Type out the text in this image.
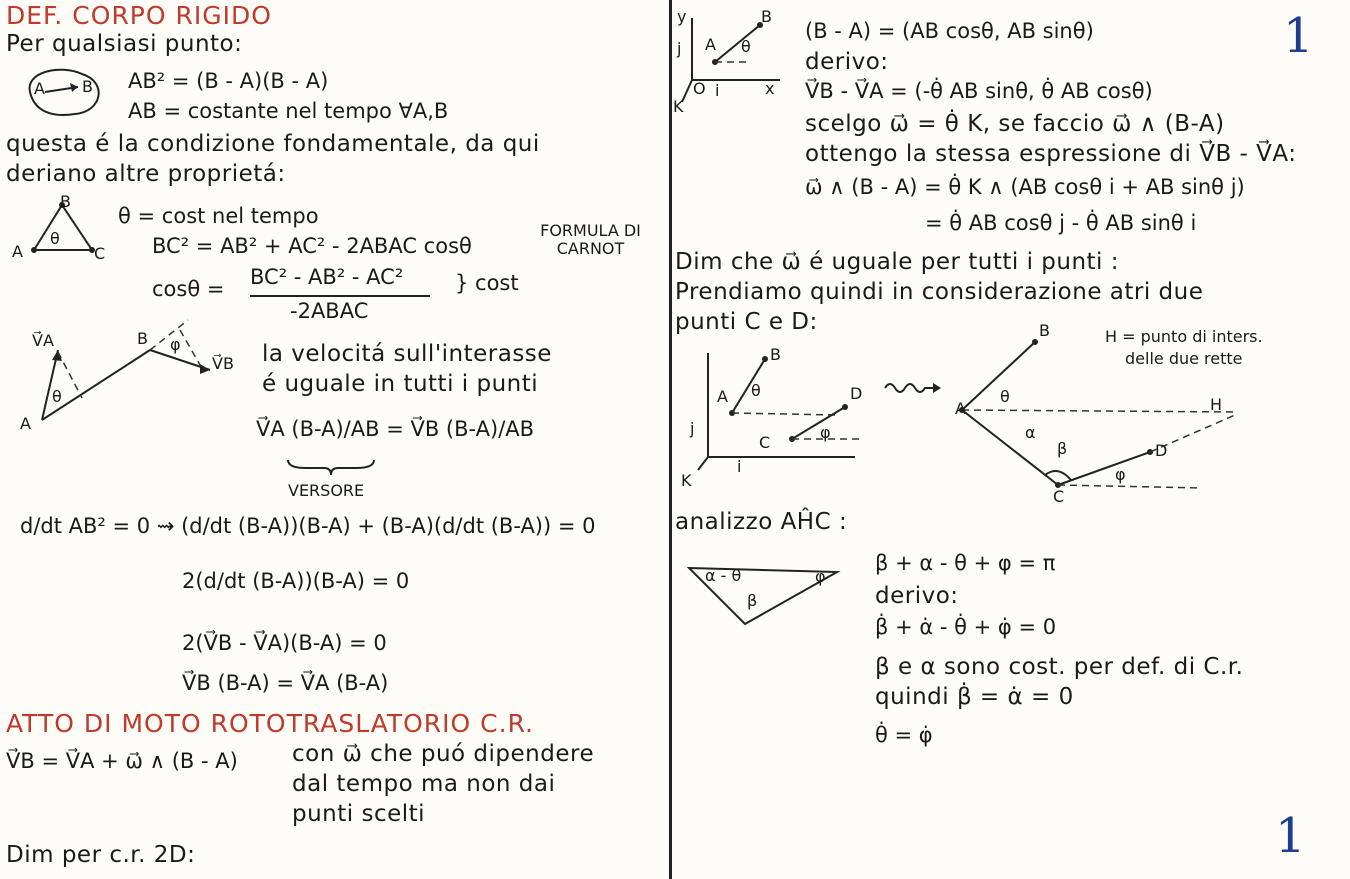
DEF. CORPO RIGIDO
Per qualsiasi punto:
A B AB² = (B - A)(B - A)
AB = costante nel tempo ∀A,B
questa é la condizione fondamentale, da qui
deriano altre proprietá:
B
A	C
θ
θ = cost nel tempo
BC² = AB² + AC² - 2ABAC cosθ
FORMULA DI CARNOT
cosθ = BC² - AB² - AC²
-2ABAC
} cost
V⃗A
V⃗B
A
B
θ
φ	la velocitá sull'interasse
é uguale in tutti i punti
V⃗A (B-A)/AB = V⃗B (B-A)/AB
VERSORE
d/dt AB² = 0 ⇝ (d/dt (B-A))(B-A) + (B-A)(d/dt (B-A)) = 0
2(d/dt (B-A))(B-A) = 0
2(V⃗B - V⃗A)(B-A) = 0
V⃗B (B-A) = V⃗A (B-A)
ATTO DI MOTO ROTOTRASLATORIO C.R.
V⃗B = V⃗A + ω⃗ ∧ (B - A) con ω⃗ che puó dipendere
dal tempo ma non dai
punti scelti
Dim per c.r. 2D:
y
x
j
i
K
O
A
B
θ
(B - A) = (AB cosθ, AB sinθ)
derivo:
V⃗B - V⃗A = (-θ̇ AB sinθ, θ̇ AB cosθ)
scelgo ω⃗ = θ̇ K, se faccio ω⃗ ∧ (B-A)
ottengo la stessa espressione di V⃗B - V⃗A:
ω⃗ ∧ (B - A) = θ̇ K ∧ (AB cosθ i + AB sinθ j)
= θ̇ AB cosθ j - θ̇ AB sinθ i
1
Dim che ω⃗ é uguale per tutti i punti :
Prendiamo quindi in considerazione atri due
punti C e D:
B
A	D
C
θ
φ
j
i
K
B
A	H
C
D
θ
α
β
φ
H = punto di inters.
delle due rette
analizzo AĤC :
α - θ	φ
β
β + α - θ + φ = π
derivo:
β̇ + α̇ - θ̇ + φ̇ = 0
β e α sono cost. per def. di C.r.
quindi β̇ = α̇ = 0
θ̇ = φ̇
1
